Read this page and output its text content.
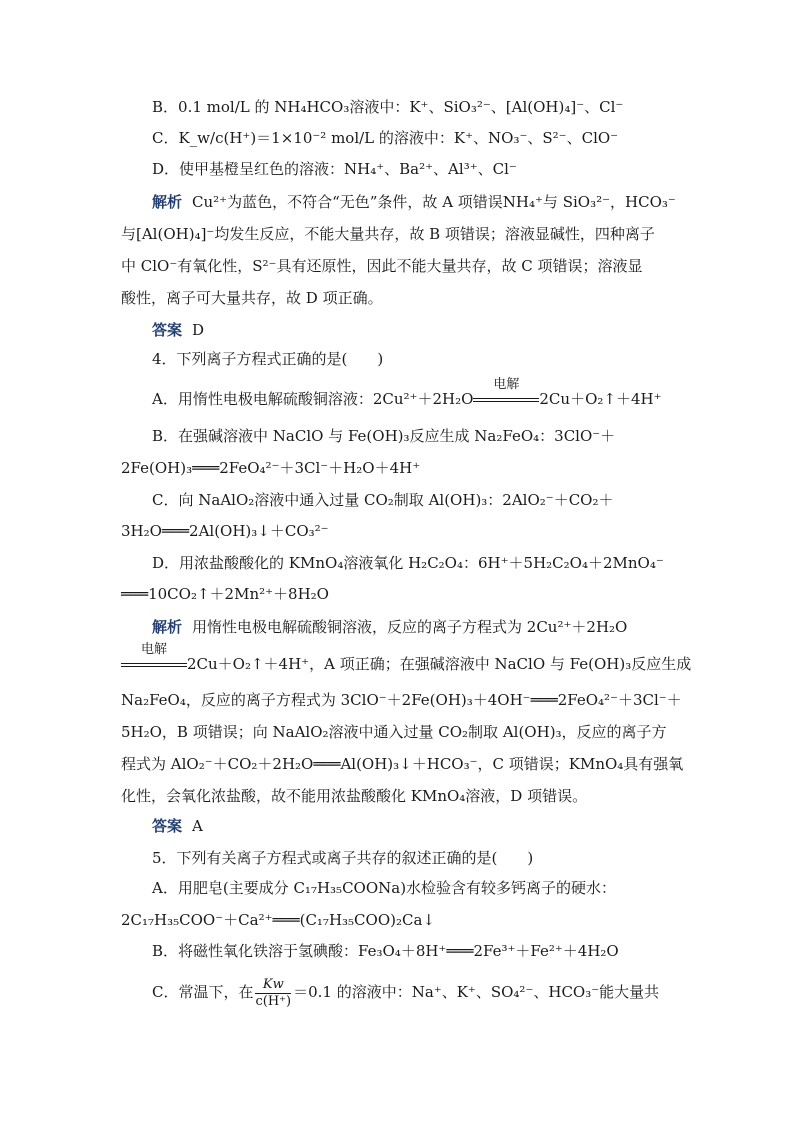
B．0.1 mol/L 的 NH₄HCO₃溶液中：K⁺、SiO₃²⁻、[Al(OH)₄]⁻、Cl⁻
C．K_w/c(H⁺)＝1×10⁻² mol/L 的溶液中：K⁺、NO₃⁻、S²⁻、ClO⁻
D．使甲基橙呈红色的溶液：NH₄⁺、Ba²⁺、Al³⁺、Cl⁻
解析 Cu²⁺为蓝色，不符合“无色”条件，故 A 项错误NH₄⁺与 SiO₃²⁻，HCO₃⁻
与[Al(OH)₄]⁻均发生反应，不能大量共存，故 B 项错误；溶液显碱性，四种离子
中 ClO⁻有氧化性，S²⁻具有还原性，因此不能大量共存，故 C 项错误；溶液显
酸性，离子可大量共存，故 D 项正确。
答案 D
4．下列离子方程式正确的是(　　)
A．用惰性电极电解硫酸铜溶液：2Cu²⁺＋2H₂O
电解
2Cu＋O₂↑＋4H⁺
B．在强碱溶液中 NaClO 与 Fe(OH)₃反应生成 Na₂FeO₄：3ClO⁻＋
2Fe(OH)₃═══2FeO₄²⁻＋3Cl⁻＋H₂O＋4H⁺
C．向 NaAlO₂溶液中通入过量 CO₂制取 Al(OH)₃：2AlO₂⁻＋CO₂＋
3H₂O═══2Al(OH)₃↓＋CO₃²⁻
D．用浓盐酸酸化的 KMnO₄溶液氧化 H₂C₂O₄：6H⁺＋5H₂C₂O₄＋2MnO₄⁻
═══10CO₂↑＋2Mn²⁺＋8H₂O
解析 用惰性电极电解硫酸铜溶液，反应的离子方程式为 2Cu²⁺＋2H₂O
电解
2Cu＋O₂↑＋4H⁺，A 项正确；在强碱溶液中 NaClO 与 Fe(OH)₃反应生成
Na₂FeO₄，反应的离子方程式为 3ClO⁻＋2Fe(OH)₃＋4OH⁻═══2FeO₄²⁻＋3Cl⁻＋
5H₂O，B 项错误；向 NaAlO₂溶液中通入过量 CO₂制取 Al(OH)₃，反应的离子方
程式为 AlO₂⁻＋CO₂＋2H₂O═══Al(OH)₃↓＋HCO₃⁻，C 项错误；KMnO₄具有强氧
化性，会氧化浓盐酸，故不能用浓盐酸酸化 KMnO₄溶液，D 项错误。
答案 A
5．下列有关离子方程式或离子共存的叙述正确的是(　　)
A．用肥皂(主要成分 C₁₇H₃₅COONa)水检验含有较多钙离子的硬水：
2C₁₇H₃₅COO⁻＋Ca²⁺═══(C₁₇H₃₅COO)₂Ca↓
B．将磁性氧化铁溶于氢碘酸：Fe₃O₄＋8H⁺═══2Fe³⁺＋Fe²⁺＋4H₂O
C．常温下，在 $\frac{Kw}{c(H^+)} =0.1$ 的溶液中：Na⁺、K⁺、SO₄²⁻、HCO₃⁻能大量共
